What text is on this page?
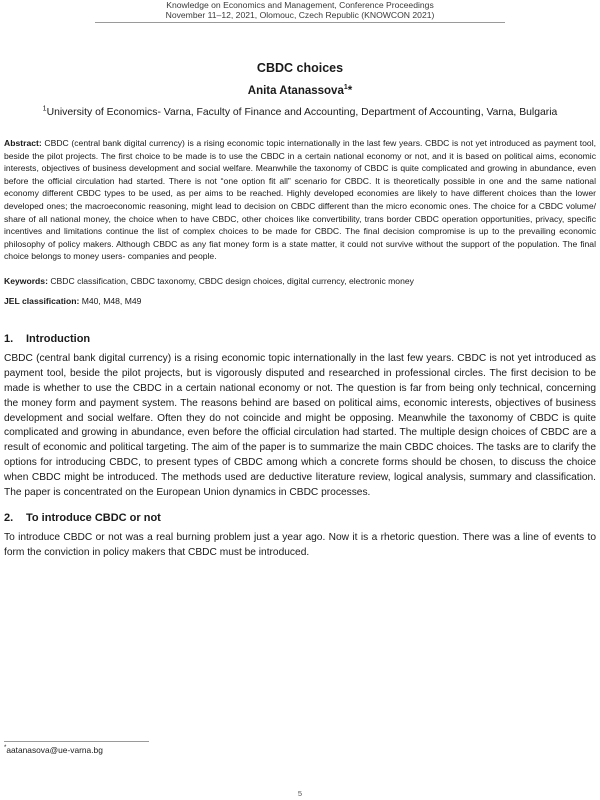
Knowledge on Economics and Management, Conference Proceedings
November 11–12, 2021, Olomouc, Czech Republic (KNOWCON 2021)
CBDC choices
Anita Atanassova$^1$*
$^1$University of Economics- Varna, Faculty of Finance and Accounting, Department of Accounting, Varna, Bulgaria
Abstract: CBDC (central bank digital currency) is a rising economic topic internationally in the last few years. CBDC is not yet introduced as payment tool, beside the pilot projects. The first choice to be made is to use the CBDC in a certain national economy or not, and it is based on political aims, economic interests, objectives of business development and social welfare. Meanwhile the taxonomy of CBDC is quite complicated and growing in abundance, even before the official circulation had started. There is not “one option fit all” scenario for CBDC. It is theoretically possible in one and the same national economy different CBDC types to be used, as per aims to be reached. Highly developed economies are likely to have different choices than the lower developed ones; the macroeconomic reasoning, might lead to decision on CBDC different than the micro economic ones. The choice for a CBDC volume/ share of all national money, the choice when to have CBDC, other choices like convertibility, trans border CBDC operation opportunities, privacy, specific incentives and limitations continue the list of complex choices to be made for CBDC. The final decision compromise is up to the prevailing economic philosophy of policy makers. Although CBDC as any fiat money form is a state matter, it could not survive without the support of the population. The final choice belongs to money users- companies and people.
Keywords: CBDC classification, CBDC taxonomy, CBDC design choices, digital currency, electronic money
JEL classification: M40, M48, M49
1. Introduction

CBDC (central bank digital currency) is a rising economic topic internationally in the last few years. CBDC is not yet introduced as payment tool, beside the pilot projects, but is vigorously disputed and researched in professional circles. The first decision to be made is whether to use the CBDC in a certain national economy or not. The question is far from being only technical, concerning the money form and payment system. The reasons behind are based on political aims, economic interests, objectives of business development and social welfare. Often they do not coincide and might be opposing. Meanwhile the taxonomy of CBDC is quite complicated and growing in abundance, even before the official circulation had started. The multiple design choices of CBDC are a result of economic and political targeting. The aim of the paper is to summarize the main CBDC choices. The tasks are to clarify the options for introducing CBDC, to present types of CBDC among which a concrete forms should be chosen, to discuss the choice when CBDC might be introduced. The methods used are deductive literature review, logical analysis, summary and classification. The paper is concentrated on the European Union dynamics in CBDC processes.

2. To introduce CBDC or not

To introduce CBDC or not was a real burning problem just a year ago. Now it is a rhetoric question. There was a line of events to form the conviction in policy makers that CBDC must be introduced.

*aatanasova@ue-varna.bg
5
